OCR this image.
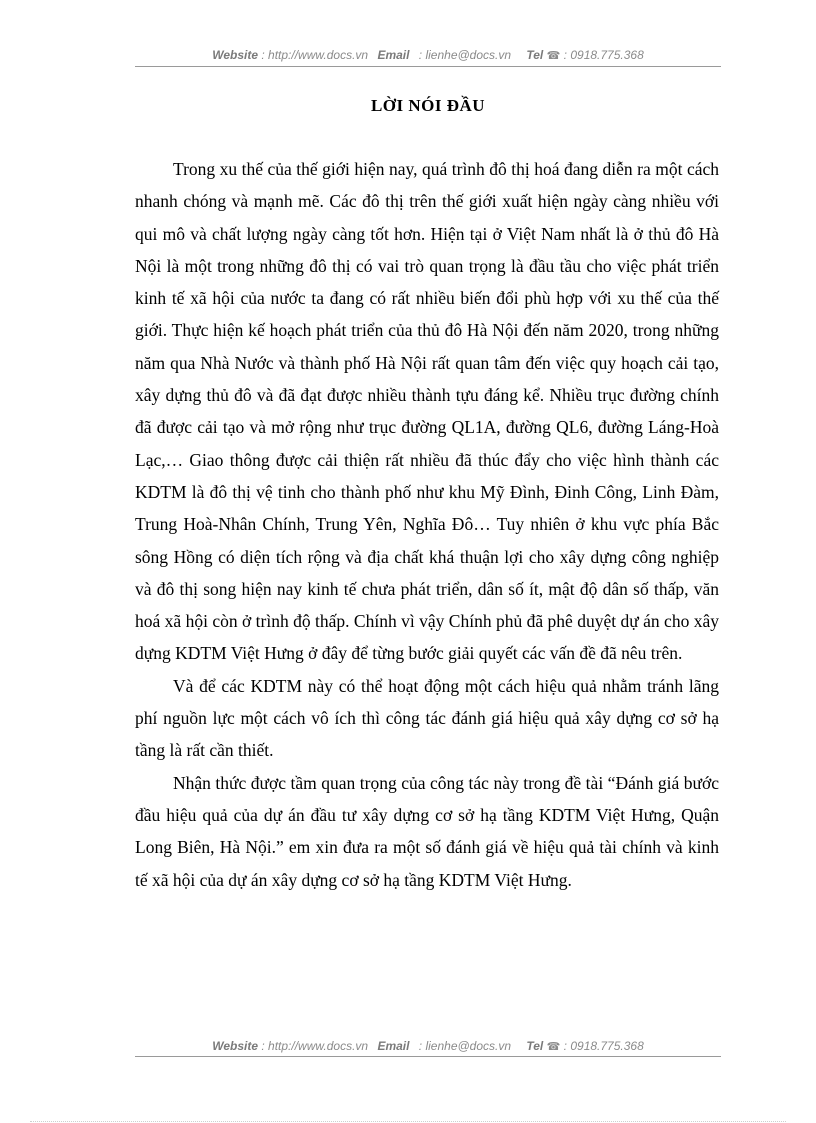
Website : http://www.docs.vn Email : lienhe@docs.vn Tel ☎ : 0918.775.368
LỜI NÓI ĐẦU

Trong xu thế của thế giới hiện nay, quá trình đô thị hoá đang diễn ra một cách nhanh chóng và mạnh mẽ. Các đô thị trên thế giới xuất hiện ngày càng nhiều với qui mô và chất lượng ngày càng tốt hơn. Hiện tại ở Việt Nam nhất là ở thủ đô Hà Nội là một trong những đô thị có vai trò quan trọng là đầu tầu cho việc phát triển kinh tế xã hội của nước ta đang có rất nhiều biến đổi phù hợp với xu thế của thế giới. Thực hiện kế hoạch phát triển của thủ đô Hà Nội đến năm 2020, trong những năm qua Nhà Nước và thành phố Hà Nội rất quan tâm đến việc quy hoạch cải tạo, xây dựng thủ đô và đã đạt được nhiều thành tựu đáng kể. Nhiều trục đường chính đã được cải tạo và mở rộng như trục đường QL1A, đường QL6, đường Láng-Hoà Lạc,… Giao thông được cải thiện rất nhiều đã thúc đẩy cho việc hình thành các KDTM là đô thị vệ tinh cho thành phố như khu Mỹ Đình, Đinh Công, Linh Đàm, Trung Hoà-Nhân Chính, Trung Yên, Nghĩa Đô… Tuy nhiên ở khu vực phía Bắc sông Hồng có diện tích rộng và địa chất khá thuận lợi cho xây dựng công nghiệp và đô thị song hiện nay kinh tế chưa phát triển, dân số ít, mật độ dân số thấp, văn hoá xã hội còn ở trình độ thấp. Chính vì vậy Chính phủ đã phê duyệt dự án cho xây dựng KDTM Việt Hưng ở đây để từng bước giải quyết các vấn đề đã nêu trên.

Và để các KDTM này có thể hoạt động một cách hiệu quả nhằm tránh lãng phí nguồn lực một cách vô ích thì công tác đánh giá hiệu quả xây dựng cơ sở hạ tầng là rất cần thiết.

Nhận thức được tầm quan trọng của công tác này trong đề tài “Đánh giá bước đầu hiệu quả của dự án đầu tư xây dựng cơ sở hạ tầng KDTM Việt Hưng, Quận Long Biên, Hà Nội.” em xin đưa ra một số đánh giá về hiệu quả tài chính và kinh tế xã hội của dự án xây dựng cơ sở hạ tầng KDTM Việt Hưng.

Website : http://www.docs.vn Email : lienhe@docs.vn Tel ☎ : 0918.775.368
